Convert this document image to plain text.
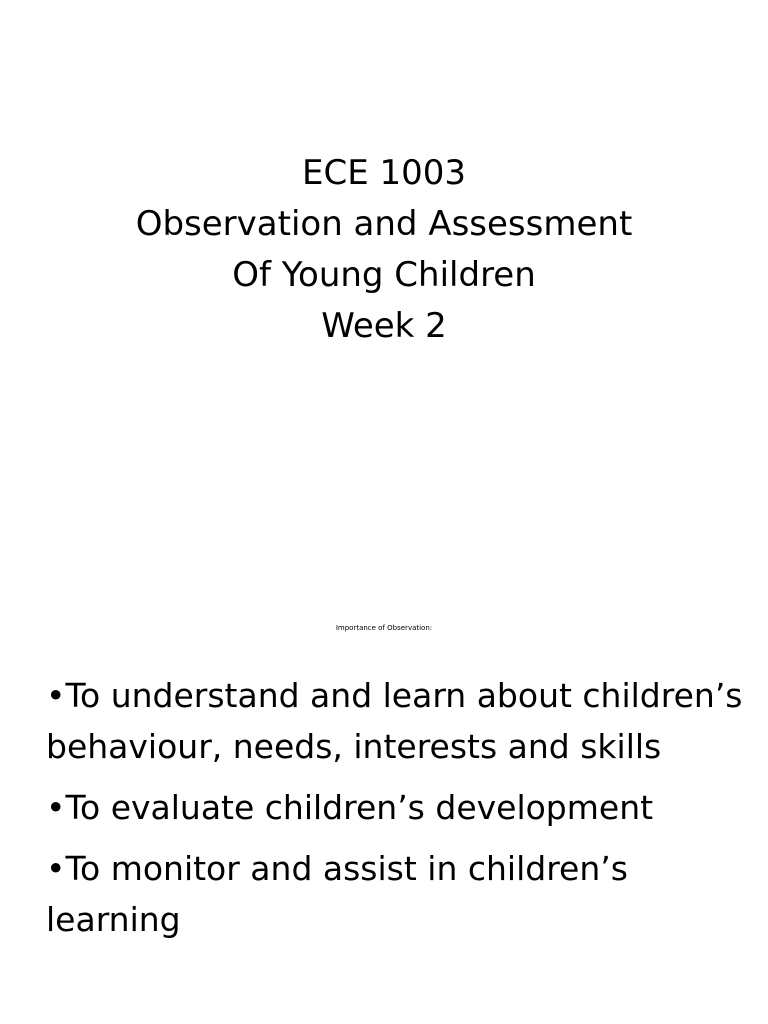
ECE 1003
Observation and Assessment
Of Young Children
Week 2
Importance of Observation:
•To understand and learn about children’s behaviour, needs, interests and skills
•To evaluate children’s development
•To monitor and assist in children’s learning
